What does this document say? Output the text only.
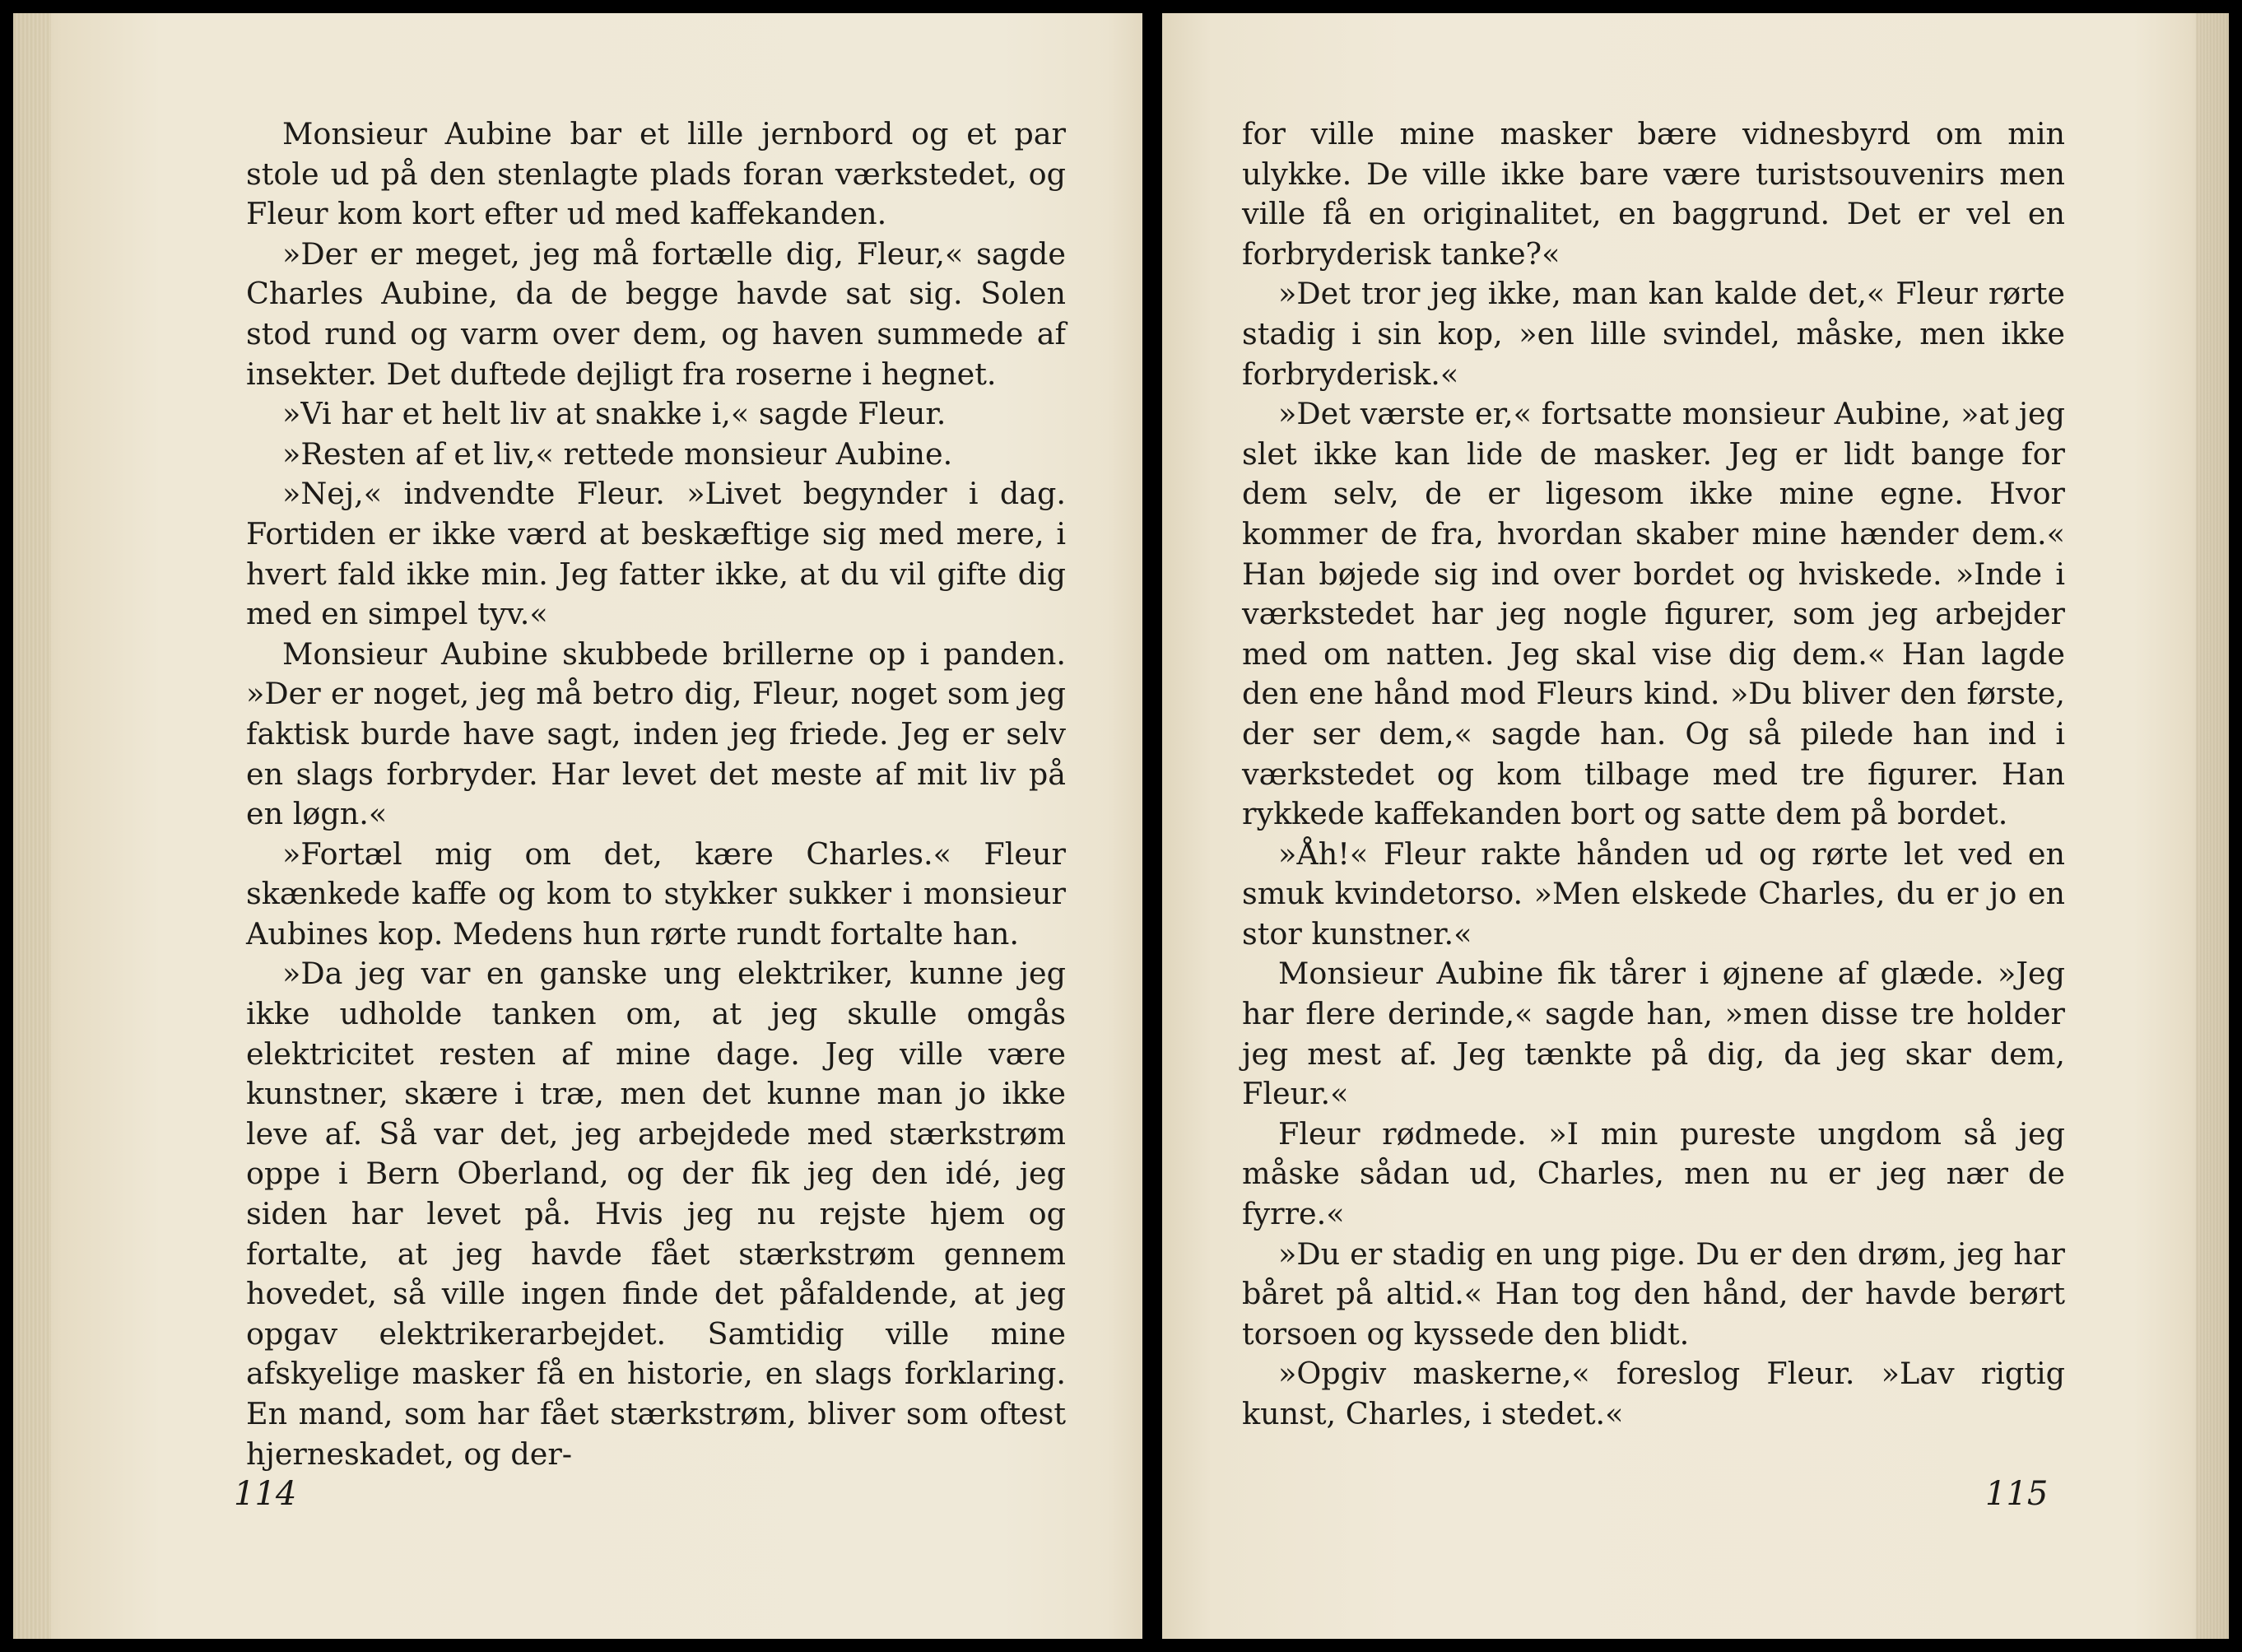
Monsieur Aubine bar et lille jernbord og et par stole ud på den stenlagte plads foran værkstedet, og Fleur kom kort efter ud med kaffekanden.

»Der er meget, jeg må fortælle dig, Fleur,« sagde Charles Aubine, da de begge havde sat sig. Solen stod rund og varm over dem, og haven summede af insekter. Det duftede dejligt fra roserne i hegnet.

»Vi har et helt liv at snakke i,« sagde Fleur.

»Resten af et liv,« rettede monsieur Aubine.

»Nej,« indvendte Fleur. »Livet begynder i dag. Fortiden er ikke værd at beskæftige sig med mere, i hvert fald ikke min. Jeg fatter ikke, at du vil gifte dig med en simpel tyv.«

Monsieur Aubine skubbede brillerne op i panden. »Der er noget, jeg må betro dig, Fleur, noget som jeg faktisk burde have sagt, inden jeg friede. Jeg er selv en slags forbryder. Har levet det meste af mit liv på en løgn.«

»Fortæl mig om det, kære Charles.« Fleur skænkede kaffe og kom to stykker sukker i monsieur Aubines kop. Medens hun rørte rundt fortalte han.

»Da jeg var en ganske ung elektriker, kunne jeg ikke udholde tanken om, at jeg skulle omgås elektricitet resten af mine dage. Jeg ville være kunstner, skære i træ, men det kunne man jo ikke leve af. Så var det, jeg arbejdede med stærkstrøm oppe i Bern Oberland, og der fik jeg den idé, jeg siden har levet på. Hvis jeg nu rejste hjem og fortalte, at jeg havde fået stærkstrøm gennem hovedet, så ville ingen finde det påfaldende, at jeg opgav elektrikerarbejdet. Samtidig ville mine afskyelige masker få en historie, en slags forklaring. En mand, som har fået stærkstrøm, bliver som oftest hjerneskadet, og der-

114

for ville mine masker bære vidnesbyrd om min ulykke. De ville ikke bare være turistsouvenirs men ville få en originalitet, en baggrund. Det er vel en forbryderisk tanke?«

»Det tror jeg ikke, man kan kalde det,« Fleur rørte stadig i sin kop, »en lille svindel, måske, men ikke forbryderisk.«

»Det værste er,« fortsatte monsieur Aubine, »at jeg slet ikke kan lide de masker. Jeg er lidt bange for dem selv, de er ligesom ikke mine egne. Hvor kommer de fra, hvordan skaber mine hænder dem.« Han bøjede sig ind over bordet og hviskede. »Inde i værkstedet har jeg nogle figurer, som jeg arbejder med om natten. Jeg skal vise dig dem.« Han lagde den ene hånd mod Fleurs kind. »Du bliver den første, der ser dem,« sagde han. Og så pilede han ind i værkstedet og kom tilbage med tre figurer. Han rykkede kaffekanden bort og satte dem på bordet.

»Åh!« Fleur rakte hånden ud og rørte let ved en smuk kvindetorso. »Men elskede Charles, du er jo en stor kunstner.«

Monsieur Aubine fik tårer i øjnene af glæde. »Jeg har flere derinde,« sagde han, »men disse tre holder jeg mest af. Jeg tænkte på dig, da jeg skar dem, Fleur.«

Fleur rødmede. »I min pureste ungdom så jeg måske sådan ud, Charles, men nu er jeg nær de fyrre.«

»Du er stadig en ung pige. Du er den drøm, jeg har båret på altid.« Han tog den hånd, der havde berørt torsoen og kyssede den blidt.

»Opgiv maskerne,« foreslog Fleur. »Lav rigtig kunst, Charles, i stedet.«

115
